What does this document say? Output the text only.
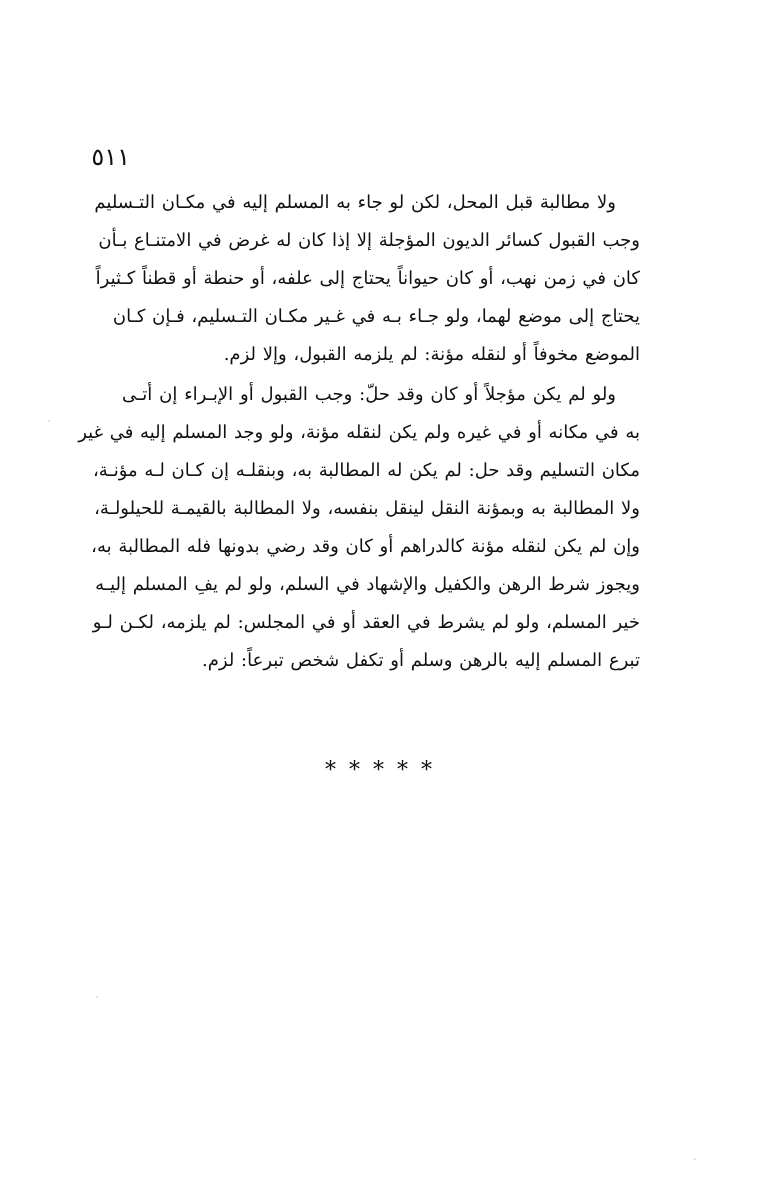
٥١١
ولا مطالبة قبل المحل، لكن لو جاء به المسلم إليه في مكـان التـسليم وجب القبول كسائر الديون المؤجلة إلا إذا كان له غرض في الامتنـاع بـأن كان في زمن نهب، أو كان حيواناً يحتاج إلى علفه، أو حنطة أو قطناً كـثيراً يحتاج إلى موضع لهما، ولو جـاء بـه في غـير مكـان التـسليم، فـإن كـان الموضع مخوفاً أو لنقله مؤنة: لم يلزمه القبول، وإلا لزم.
ولو لم يكن مؤجلاً أو كان وقد حلّ: وجب القبول أو الإبـراء إن أتـى به في مكانه أو في غيره ولم يكن لنقله مؤنة، ولو وجد المسلم إليه في غير مكان التسليم وقد حل: لم يكن له المطالبة به، وبنقلـه إن كـان لـه مؤنـة، ولا المطالبة به وبمؤنة النقل لينقل بنفسه، ولا المطالبة بالقيمـة للحيلولـة، وإن لم يكن لنقله مؤنة كالدراهم أو كان وقد رضي بدونها فله المطالبة به، ويجوز شرط الرهن والكفيل والإشهاد في السلم، ولو لم يفِ المسلم إليـه خير المسلم، ولو لم يشرط في العقد أو في المجلس: لم يلزمه، لكـن لـو تبرع المسلم إليه بالرهن وسلم أو تكفل شخص تبرعاً: لزم.
* * * * *
